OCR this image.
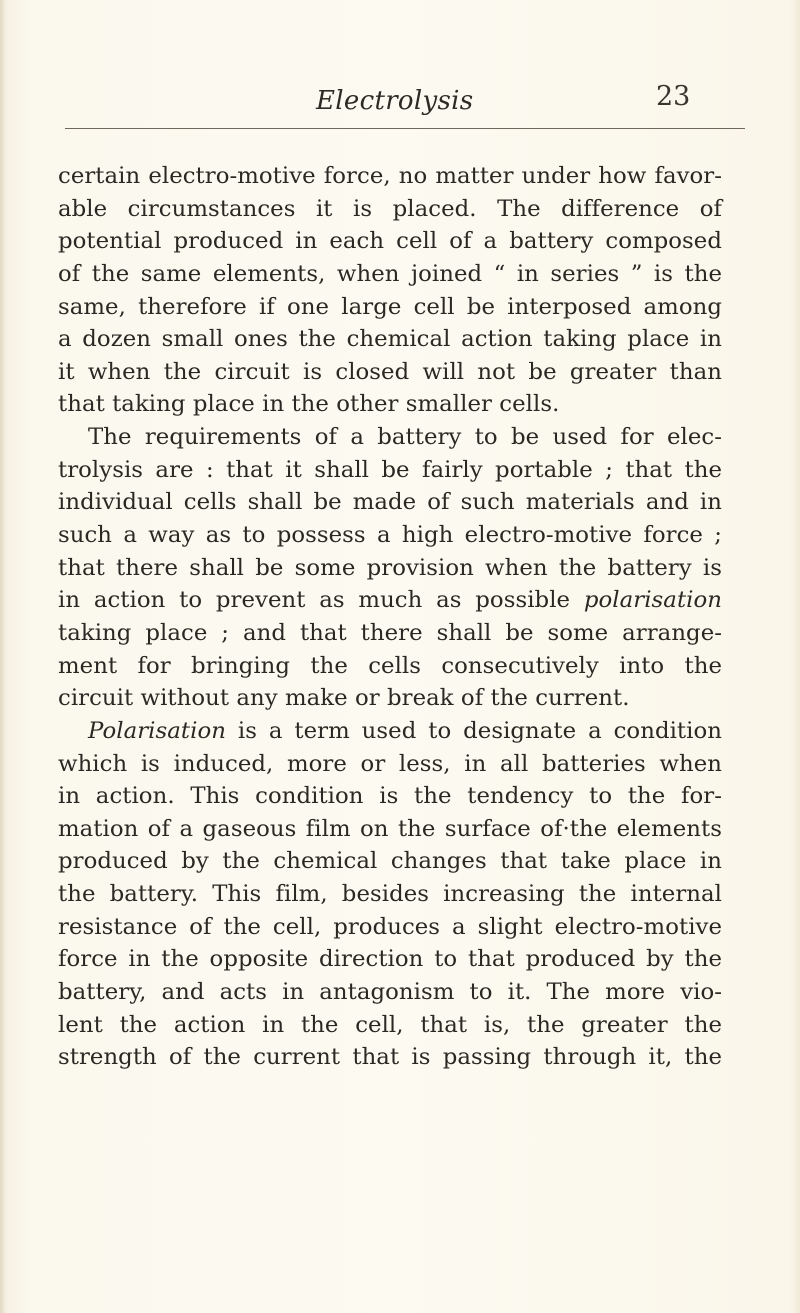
Electrolysis	23
certain electro-motive force, no matter under how favor-
able circumstances it is placed. The difference of
potential produced in each cell of a battery composed
of the same elements, when joined “ in series ” is the
same, therefore if one large cell be interposed among
a dozen small ones the chemical action taking place in
it when the circuit is closed will not be greater than
that taking place in the other smaller cells.
The requirements of a battery to be used for elec-
trolysis are : that it shall be fairly portable ; that the
individual cells shall be made of such materials and in
such a way as to possess a high electro-motive force ;
that there shall be some provision when the battery is
in action to prevent as much as possible polarisation
taking place ; and that there shall be some arrange-
ment for bringing the cells consecutively into the
circuit without any make or break of the current.
Polarisation is a term used to designate a condition
which is induced, more or less, in all batteries when
in action. This condition is the tendency to the for-
mation of a gaseous film on the surface of·the elements
produced by the chemical changes that take place in
the battery. This film, besides increasing the internal
resistance of the cell, produces a slight electro-motive
force in the opposite direction to that produced by the
battery, and acts in antagonism to it. The more vio-
lent the action in the cell, that is, the greater the
strength of the current that is passing through it, the
